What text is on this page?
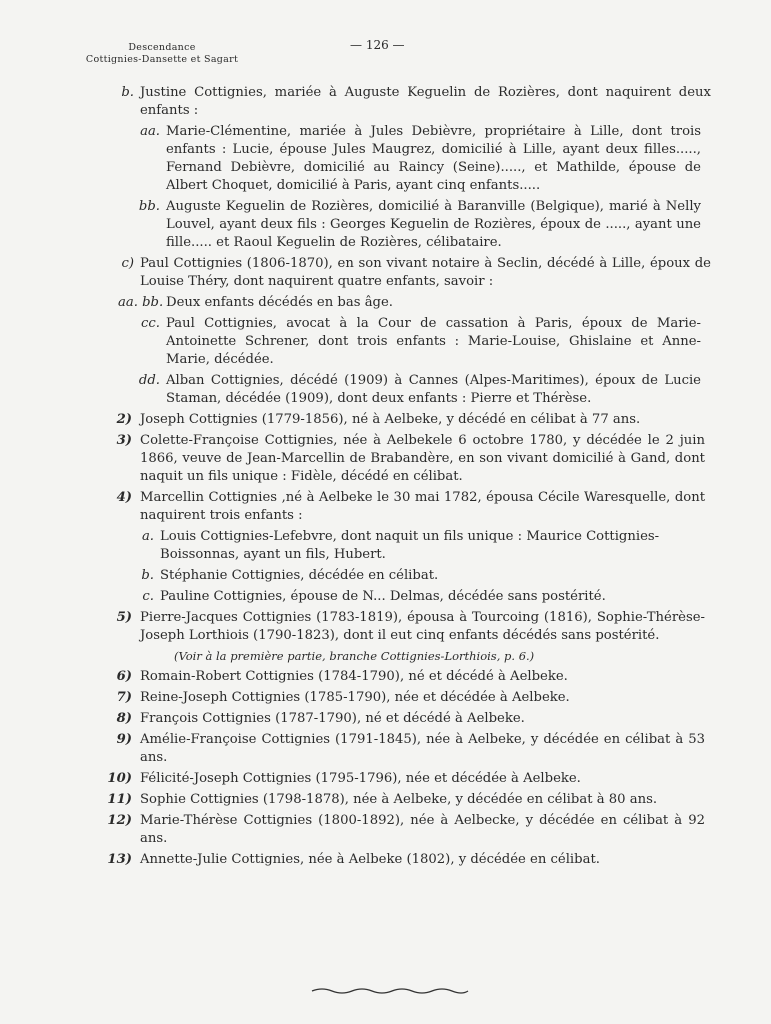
Descendance
Cottignies-Dansette et Sagart
— 126 —
b. Justine Cottignies, mariée à Auguste Keguelin de Rozières, dont naquirent deux enfants :
aa. Marie-Clémentine, mariée à Jules Debièvre, propriétaire à Lille, dont trois enfants : Lucie, épouse Jules Maugrez, domicilié à Lille, ayant deux filles....., Fernand Debièvre, domicilié au Raincy (Seine)....., et Mathilde, épouse de Albert Choquet, domicilié à Paris, ayant cinq enfants.....
bb. Auguste Keguelin de Rozières, domicilié à Baranville (Belgique), marié à Nelly Louvel, ayant deux fils : Georges Keguelin de Rozières, époux de ....., ayant une fille..... et Raoul Keguelin de Rozières, célibataire.
c) Paul Cottignies (1806-1870), en son vivant notaire à Seclin, décédé à Lille, époux de Louise Théry, dont naquirent quatre enfants, savoir :
aa. bb. Deux enfants décédés en bas âge.
cc. Paul Cottignies, avocat à la Cour de cassation à Paris, époux de Marie-Antoinette Schrener, dont trois enfants : Marie-Louise, Ghislaine et Anne-Marie, décédée.
dd. Alban Cottignies, décédé (1909) à Cannes (Alpes-Maritimes), époux de Lucie Staman, décédée (1909), dont deux enfants : Pierre et Thérèse.
2) Joseph Cottignies (1779-1856), né à Aelbeke, y décédé en célibat à 77 ans.
3) Colette-Françoise Cottignies, née à Aelbekele 6 octobre 1780, y décédée le 2 juin 1866, veuve de Jean-Marcellin de Brabandère, en son vivant domicilié à Gand, dont naquit un fils unique : Fidèle, décédé en célibat.
4) Marcellin Cottignies ,né à Aelbeke le 30 mai 1782, épousa Cécile Waresquelle, dont naquirent trois enfants :
a. Louis Cottignies-Lefebvre, dont naquit un fils unique : Maurice Cottignies-Boissonnas, ayant un fils, Hubert.
b. Stéphanie Cottignies, décédée en célibat.
c. Pauline Cottignies, épouse de N... Delmas, décédée sans postérité.
5) Pierre-Jacques Cottignies (1783-1819), épousa à Tourcoing (1816), Sophie-Thérèse-Joseph Lorthiois (1790-1823), dont il eut cinq enfants décédés sans postérité.
(Voir à la première partie, branche Cottignies-Lorthiois, p. 6.)
6) Romain-Robert Cottignies (1784-1790), né et décédé à Aelbeke.
7) Reine-Joseph Cottignies (1785-1790), née et décédée à Aelbeke.
8) François Cottignies (1787-1790), né et décédé à Aelbeke.
9) Amélie-Françoise Cottignies (1791-1845), née à Aelbeke, y décédée en célibat à 53 ans.
10) Félicité-Joseph Cottignies (1795-1796), née et décédée à Aelbeke.
11) Sophie Cottignies (1798-1878), née à Aelbeke, y décédée en célibat à 80 ans.
12) Marie-Thérèse Cottignies (1800-1892), née à Aelbecke, y décédée en célibat à 92 ans.
13) Annette-Julie Cottignies, née à Aelbeke (1802), y décédée en célibat.
